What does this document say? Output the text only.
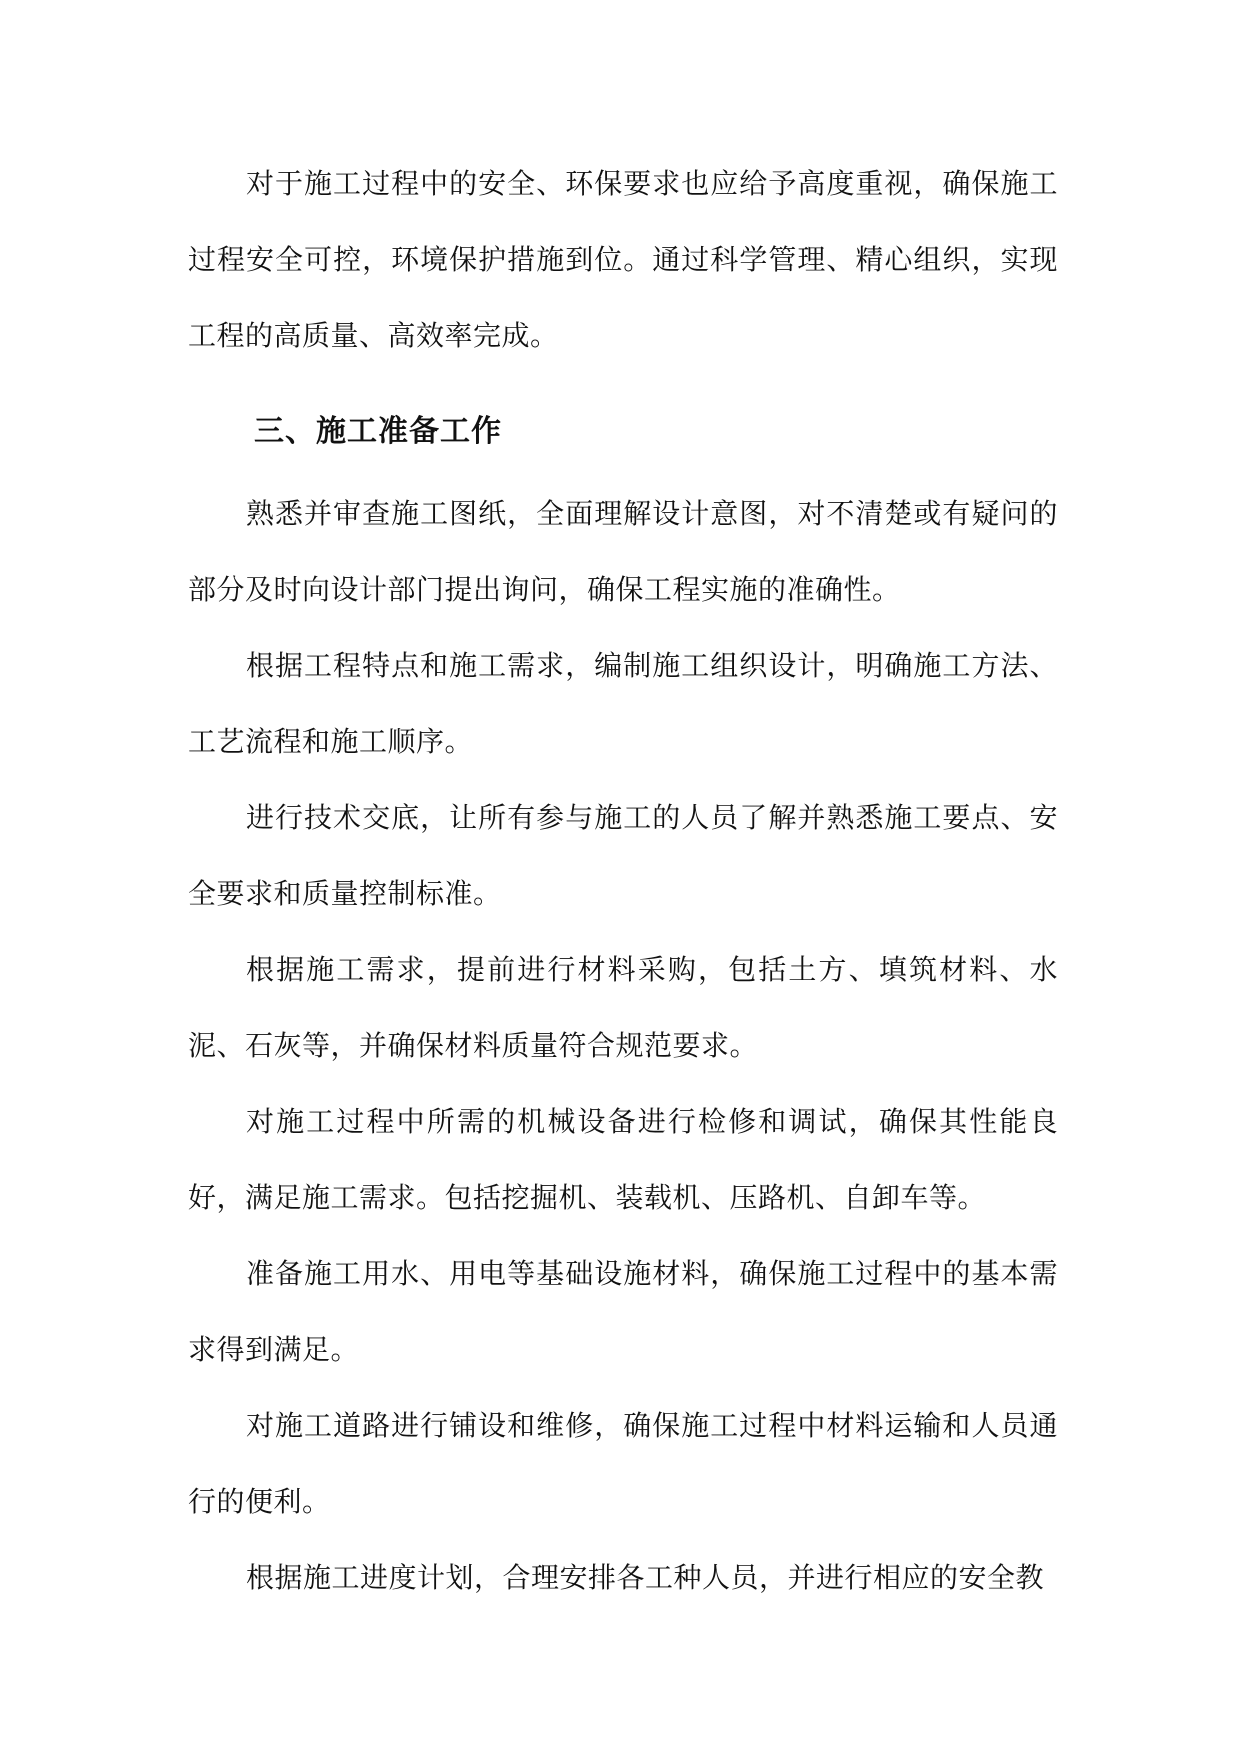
对于施工过程中的安全、环保要求也应给予高度重视，确保施工过程安全可控，环境保护措施到位。通过科学管理、精心组织，实现工程的高质量、高效率完成。

三、施工准备工作

熟悉并审查施工图纸，全面理解设计意图，对不清楚或有疑问的部分及时向设计部门提出询问，确保工程实施的准确性。

根据工程特点和施工需求，编制施工组织设计，明确施工方法、工艺流程和施工顺序。

进行技术交底，让所有参与施工的人员了解并熟悉施工要点、安全要求和质量控制标准。

根据施工需求，提前进行材料采购，包括土方、填筑材料、水泥、石灰等，并确保材料质量符合规范要求。

对施工过程中所需的机械设备进行检修和调试，确保其性能良好，满足施工需求。包括挖掘机、装载机、压路机、自卸车等。

准备施工用水、用电等基础设施材料，确保施工过程中的基本需求得到满足。

对施工道路进行铺设和维修，确保施工过程中材料运输和人员通行的便利。

根据施工进度计划，合理安排各工种人员，并进行相应的安全教
